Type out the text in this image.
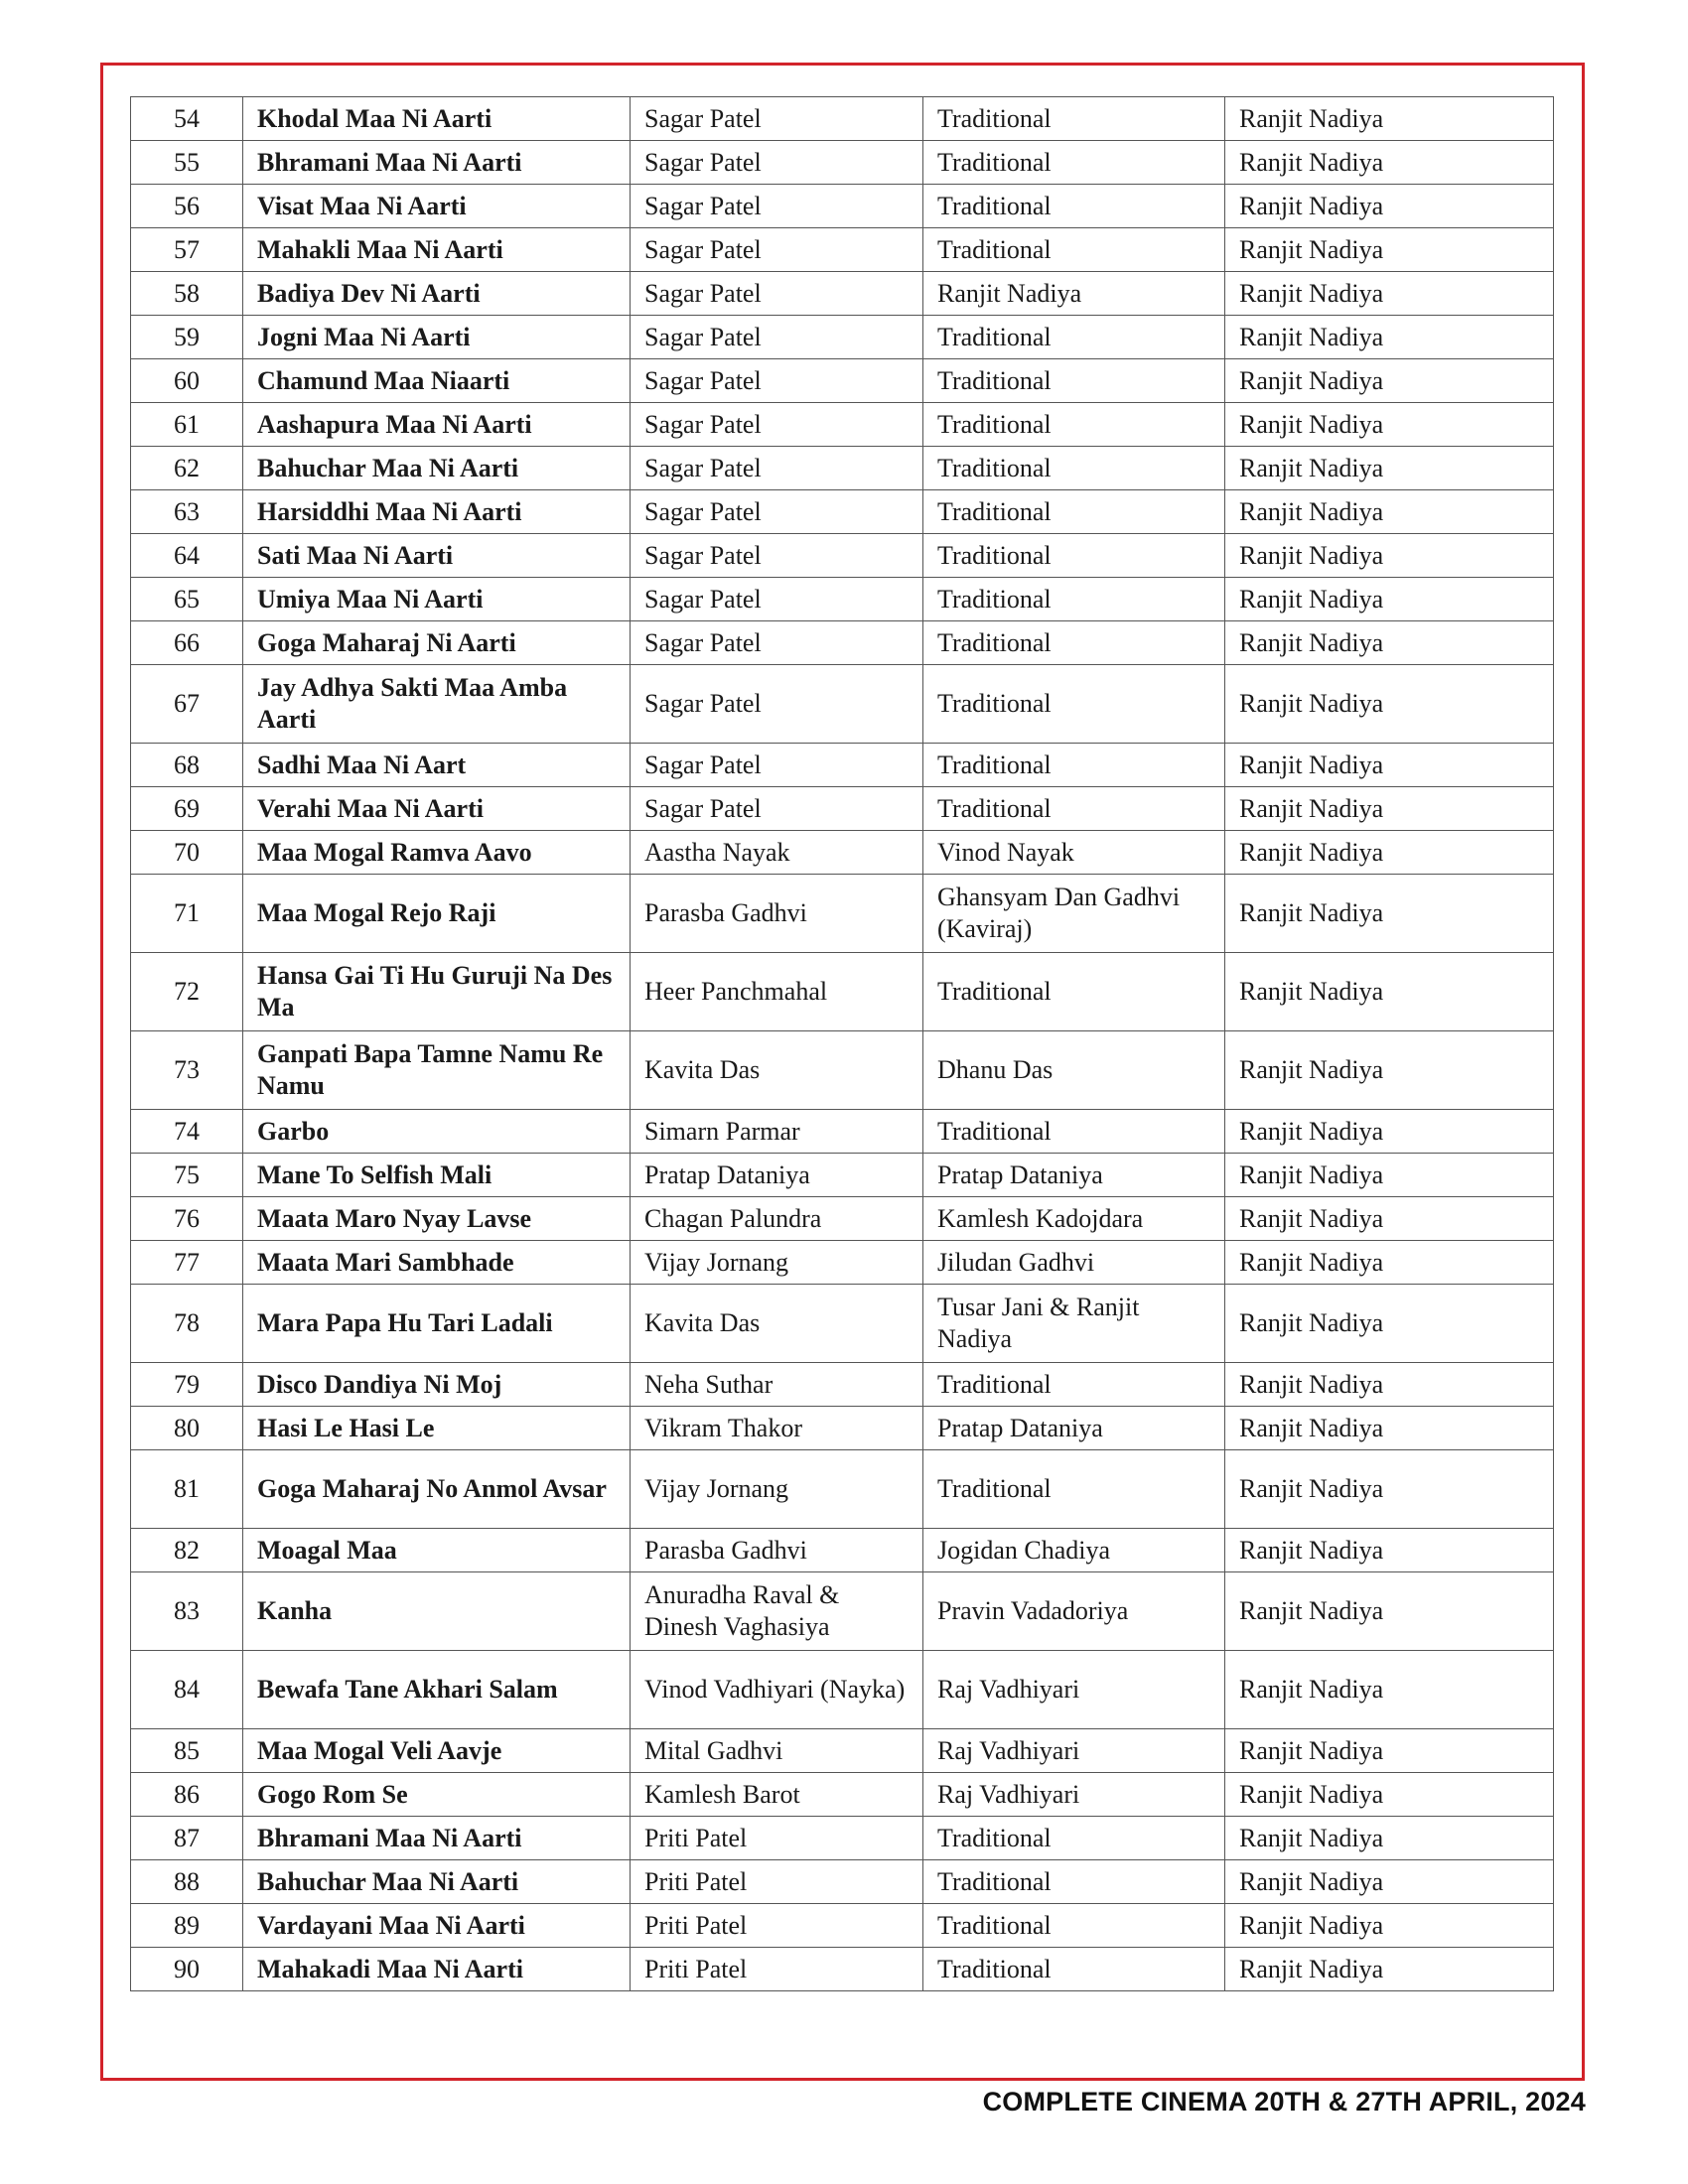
54	Khodal Maa Ni Aarti	Sagar Patel	Traditional	Ranjit Nadiya
55	Bhramani Maa Ni Aarti	Sagar Patel	Traditional	Ranjit Nadiya
56	Visat Maa Ni Aarti	Sagar Patel	Traditional	Ranjit Nadiya
57	Mahakli Maa Ni Aarti	Sagar Patel	Traditional	Ranjit Nadiya
58	Badiya Dev Ni Aarti	Sagar Patel	Ranjit Nadiya	Ranjit Nadiya
59	Jogni Maa Ni Aarti	Sagar Patel	Traditional	Ranjit Nadiya
60	Chamund Maa Niaarti	Sagar Patel	Traditional	Ranjit Nadiya
61	Aashapura Maa Ni Aarti	Sagar Patel	Traditional	Ranjit Nadiya
62	Bahuchar Maa Ni Aarti	Sagar Patel	Traditional	Ranjit Nadiya
63	Harsiddhi Maa Ni Aarti	Sagar Patel	Traditional	Ranjit Nadiya
64	Sati Maa Ni Aarti	Sagar Patel	Traditional	Ranjit Nadiya
65	Umiya Maa Ni Aarti	Sagar Patel	Traditional	Ranjit Nadiya
66	Goga Maharaj Ni Aarti	Sagar Patel	Traditional	Ranjit Nadiya
67	Jay Adhya Sakti Maa Amba Aarti	Sagar Patel	Traditional	Ranjit Nadiya
68	Sadhi Maa Ni Aart	Sagar Patel	Traditional	Ranjit Nadiya
69	Verahi Maa Ni Aarti	Sagar Patel	Traditional	Ranjit Nadiya
70	Maa Mogal Ramva Aavo	Aastha Nayak	Vinod Nayak	Ranjit Nadiya
71	Maa Mogal Rejo Raji	Parasba Gadhvi	Ghansyam Dan Gadhvi (Kaviraj)	Ranjit Nadiya
72	Hansa Gai Ti Hu Guruji Na Des Ma	Heer Panchmahal	Traditional	Ranjit Nadiya
73	Ganpati Bapa Tamne Namu Re Namu	Kavita Das	Dhanu Das	Ranjit Nadiya
74	Garbo	Simarn Parmar	Traditional	Ranjit Nadiya
75	Mane To Selfish Mali	Pratap Dataniya	Pratap Dataniya	Ranjit Nadiya
76	Maata Maro Nyay Lavse	Chagan Palundra	Kamlesh Kadojdara	Ranjit Nadiya
77	Maata Mari Sambhade	Vijay Jornang	Jiludan Gadhvi	Ranjit Nadiya
78	Mara Papa Hu Tari Ladali	Kavita Das	Tusar Jani & Ranjit Nadiya	Ranjit Nadiya
79	Disco Dandiya Ni Moj	Neha Suthar	Traditional	Ranjit Nadiya
80	Hasi Le Hasi Le	Vikram Thakor	Pratap Dataniya	Ranjit Nadiya
81	Goga Maharaj No Anmol Avsar	Vijay Jornang	Traditional	Ranjit Nadiya
82	Moagal Maa	Parasba Gadhvi	Jogidan Chadiya	Ranjit Nadiya
83	Kanha	Anuradha Raval & Dinesh Vaghasiya	Pravin Vadadoriya	Ranjit Nadiya
84	Bewafa Tane Akhari Salam	Vinod Vadhiyari (Nayka)	Raj Vadhiyari	Ranjit Nadiya
85	Maa Mogal Veli Aavje	Mital Gadhvi	Raj Vadhiyari	Ranjit Nadiya
86	Gogo Rom Se	Kamlesh Barot	Raj Vadhiyari	Ranjit Nadiya
87	Bhramani Maa Ni Aarti	Priti Patel	Traditional	Ranjit Nadiya
88	Bahuchar Maa Ni Aarti	Priti Patel	Traditional	Ranjit Nadiya
89	Vardayani Maa Ni Aarti	Priti Patel	Traditional	Ranjit Nadiya
90	Mahakadi Maa Ni Aarti	Priti Patel	Traditional	Ranjit Nadiya
COMPLETE CINEMA 20TH & 27TH APRIL, 2024
